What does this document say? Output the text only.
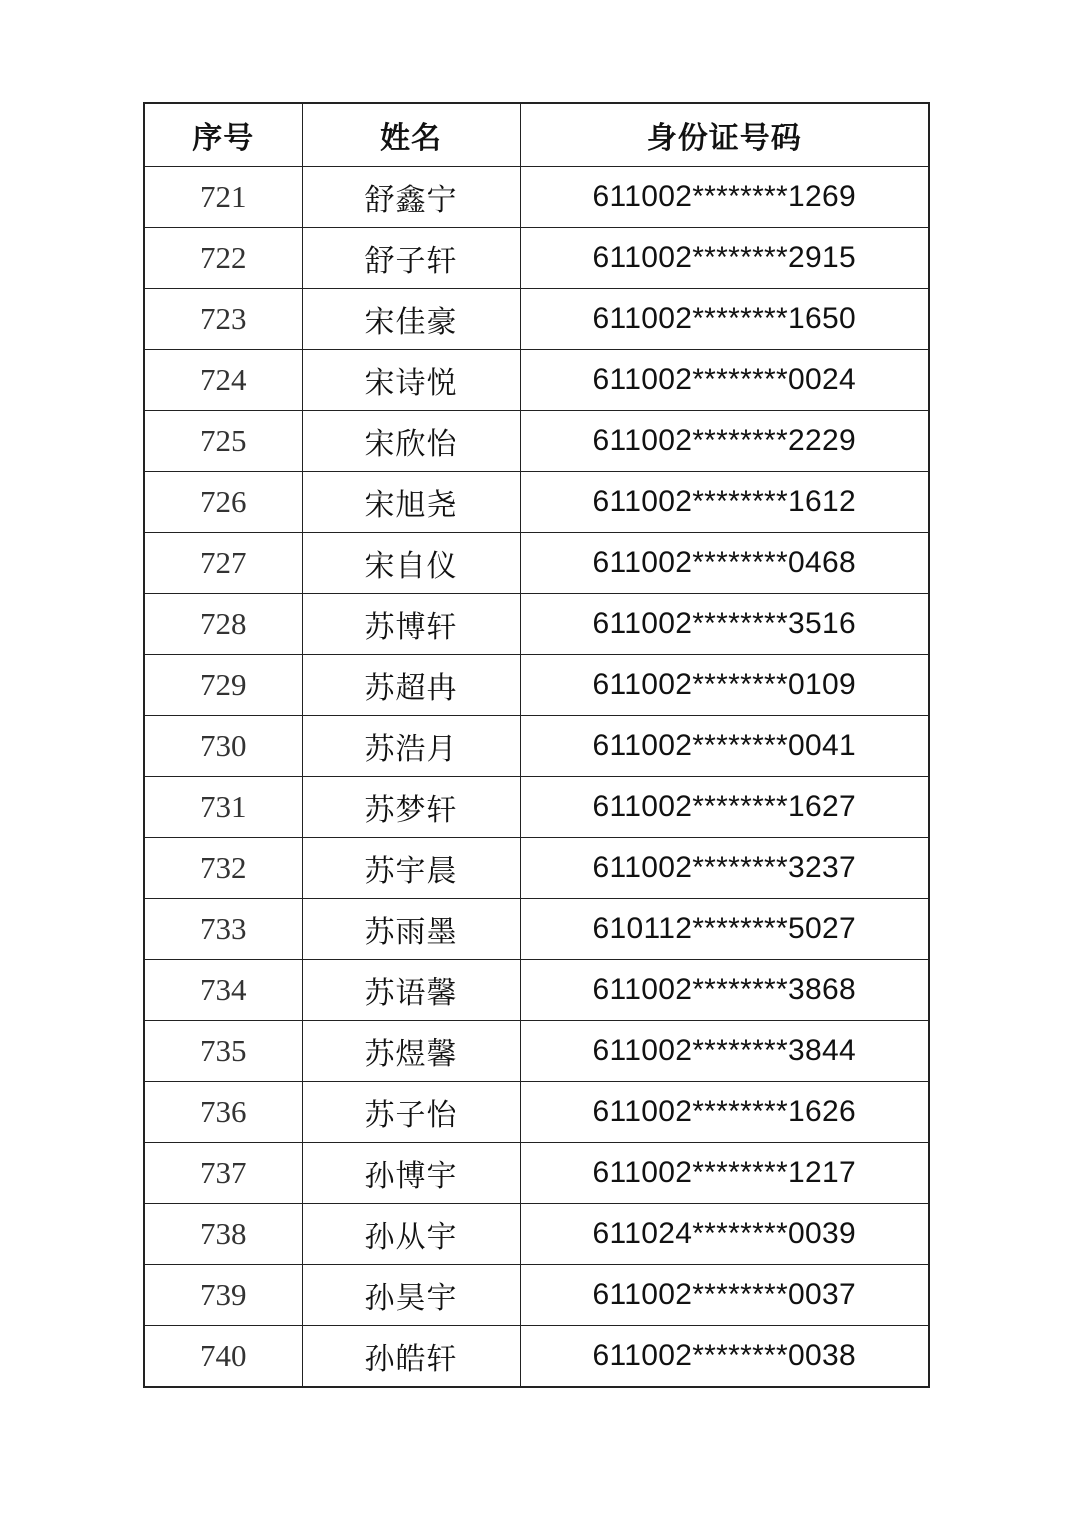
序号	姓名	身份证号码
721	舒鑫宁	611002********1269
722	舒子轩	611002********2915
723	宋佳豪	611002********1650
724	宋诗悦	611002********0024
725	宋欣怡	611002********2229
726	宋旭尧	611002********1612
727	宋自仪	611002********0468
728	苏博轩	611002********3516
729	苏超冉	611002********0109
730	苏浩月	611002********0041
731	苏梦轩	611002********1627
732	苏宇晨	611002********3237
733	苏雨墨	610112********5027
734	苏语馨	611002********3868
735	苏煜馨	611002********3844
736	苏子怡	611002********1626
737	孙博宇	611002********1217
738	孙从宇	611024********0039
739	孙昊宇	611002********0037
740	孙皓轩	611002********0038
